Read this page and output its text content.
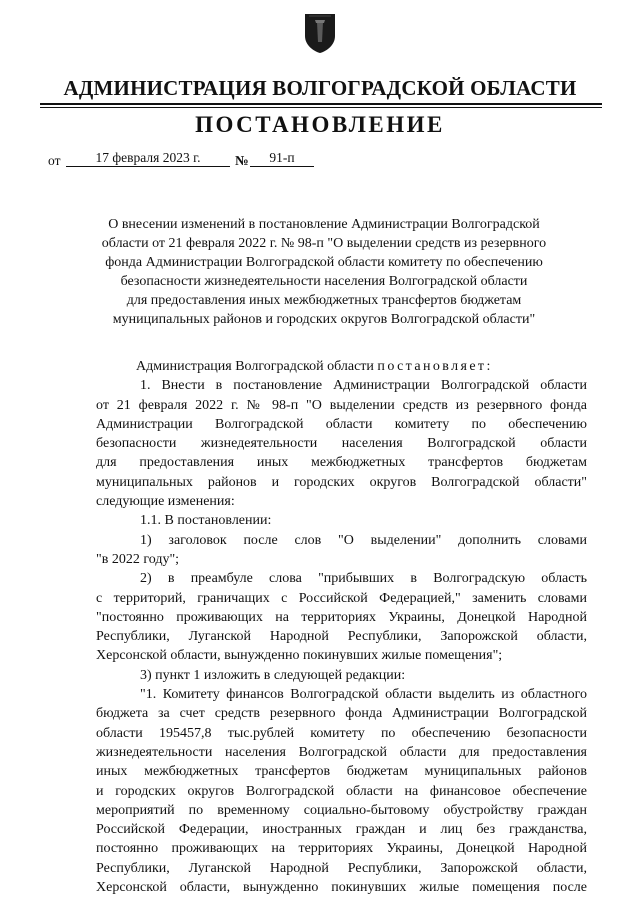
АДМИНИСТРАЦИЯ ВОЛГОГРАДСКОЙ ОБЛАСТИ
ПОСТАНОВЛЕНИЕ
от	17 февраля 2023 г.	№	91-п
О внесении изменений в постановление Администрации Волгоградской
области от 21 февраля 2022 г. № 98-п "О выделении средств из резервного
фонда Администрации Волгоградской области комитету по обеспечению
безопасности жизнедеятельности населения Волгоградской области
для предоставления иных межбюджетных трансфертов бюджетам
муниципальных районов и городских округов Волгоградской области"
Администрация Волгоградской области постановляет:
1. Внести в постановление Администрации Волгоградской области
от 21 февраля 2022 г. № 98-п "О выделении средств из резервного фонда
Администрации Волгоградской области комитету по обеспечению
безопасности жизнедеятельности населения Волгоградской области
для предоставления иных межбюджетных трансфертов бюджетам
муниципальных районов и городских округов Волгоградской области"
следующие изменения:
1.1. В постановлении:
1) заголовок после слов "О выделении" дополнить словами
"в 2022 году";
2) в преамбуле слова "прибывших в Волгоградскую область
с территорий, граничащих с Российской Федерацией," заменить словами
"постоянно проживающих на территориях Украины, Донецкой Народной
Республики, Луганской Народной Республики, Запорожской области,
Херсонской области, вынужденно покинувших жилые помещения";
3) пункт 1 изложить в следующей редакции:
"1. Комитету финансов Волгоградской области выделить из областного
бюджета за счет средств резервного фонда Администрации Волгоградской
области 195457,8 тыс.рублей комитету по обеспечению безопасности
жизнедеятельности населения Волгоградской области для предоставления
иных межбюджетных трансфертов бюджетам муниципальных районов
и городских округов Волгоградской области на финансовое обеспечение
мероприятий по временному социально-бытовому обустройству граждан
Российской Федерации, иностранных граждан и лиц без гражданства,
постоянно проживающих на территориях Украины, Донецкой Народной
Республики, Луганской Народной Республики, Запорожской области,
Херсонской области, вынужденно покинувших жилые помещения после
